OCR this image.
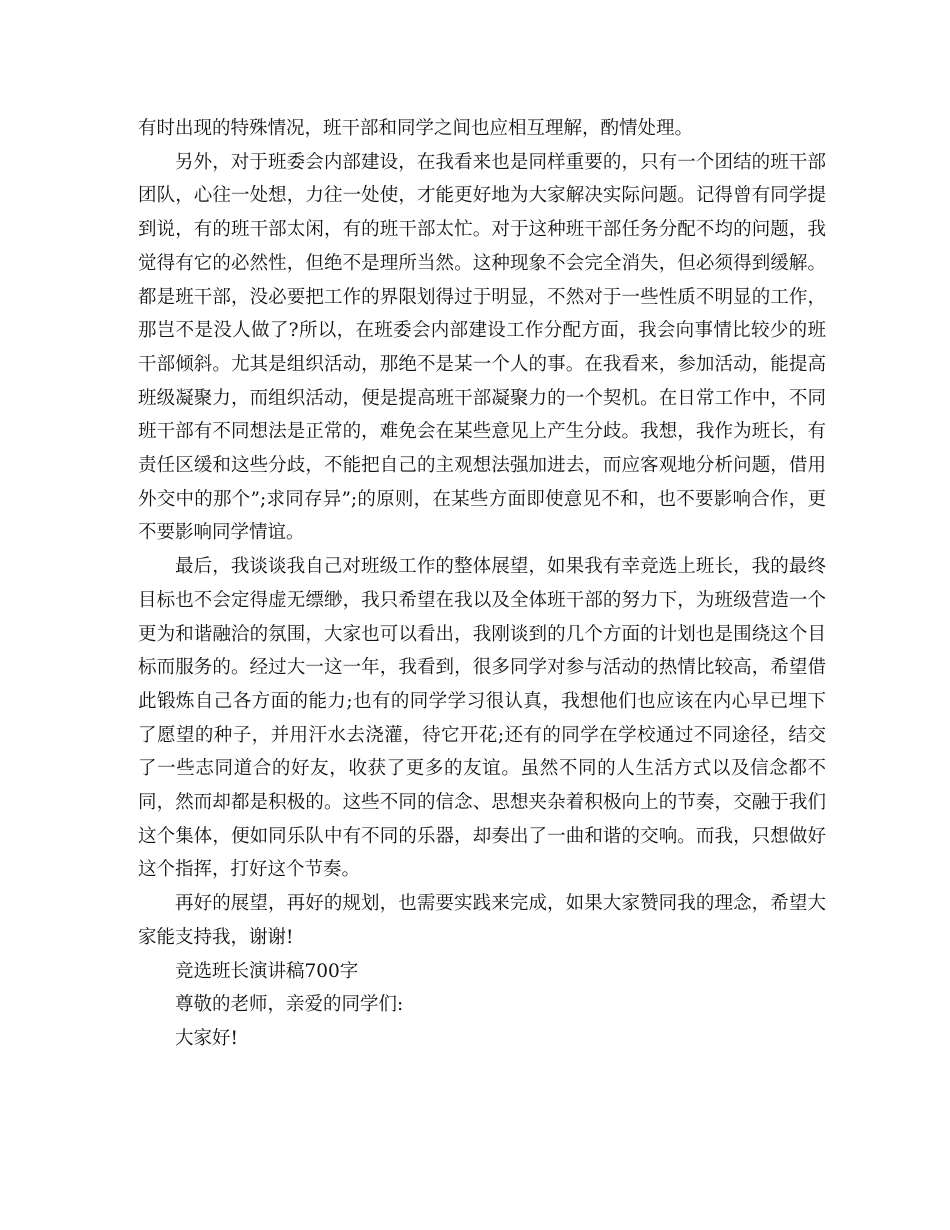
有时出现的特殊情况，班干部和同学之间也应相互理解，酌情处理。

另外，对于班委会内部建设，在我看来也是同样重要的，只有一个团结的班干部团队，心往一处想，力往一处使，才能更好地为大家解决实际问题。记得曾有同学提到说，有的班干部太闲，有的班干部太忙。对于这种班干部任务分配不均的问题，我觉得有它的必然性，但绝不是理所当然。这种现象不会完全消失，但必须得到缓解。都是班干部，没必要把工作的界限划得过于明显，不然对于一些性质不明显的工作，那岂不是没人做了?所以，在班委会内部建设工作分配方面，我会向事情比较少的班干部倾斜。尤其是组织活动，那绝不是某一个人的事。在我看来，参加活动，能提高班级凝聚力，而组织活动，便是提高班干部凝聚力的一个契机。在日常工作中，不同班干部有不同想法是正常的，难免会在某些意见上产生分歧。我想，我作为班长，有责任区缓和这些分歧，不能把自己的主观想法强加进去，而应客观地分析问题，借用外交中的那个”;求同存异”;的原则，在某些方面即使意见不和，也不要影响合作，更不要影响同学情谊。

最后，我谈谈我自己对班级工作的整体展望，如果我有幸竞选上班长，我的最终目标也不会定得虚无缥缈，我只希望在我以及全体班干部的努力下，为班级营造一个更为和谐融洽的氛围，大家也可以看出，我刚谈到的几个方面的计划也是围绕这个目标而服务的。经过大一这一年，我看到，很多同学对参与活动的热情比较高，希望借此锻炼自己各方面的能力;也有的同学学习很认真，我想他们也应该在内心早已埋下了愿望的种子，并用汗水去浇灌，待它开花;还有的同学在学校通过不同途径，结交了一些志同道合的好友，收获了更多的友谊。虽然不同的人生活方式以及信念都不同，然而却都是积极的。这些不同的信念、思想夹杂着积极向上的节奏，交融于我们这个集体，便如同乐队中有不同的乐器，却奏出了一曲和谐的交响。而我，只想做好这个指挥，打好这个节奏。

再好的展望，再好的规划，也需要实践来完成，如果大家赞同我的理念，希望大家能支持我，谢谢!

竞选班长演讲稿700字

尊敬的老师，亲爱的同学们:

大家好!
